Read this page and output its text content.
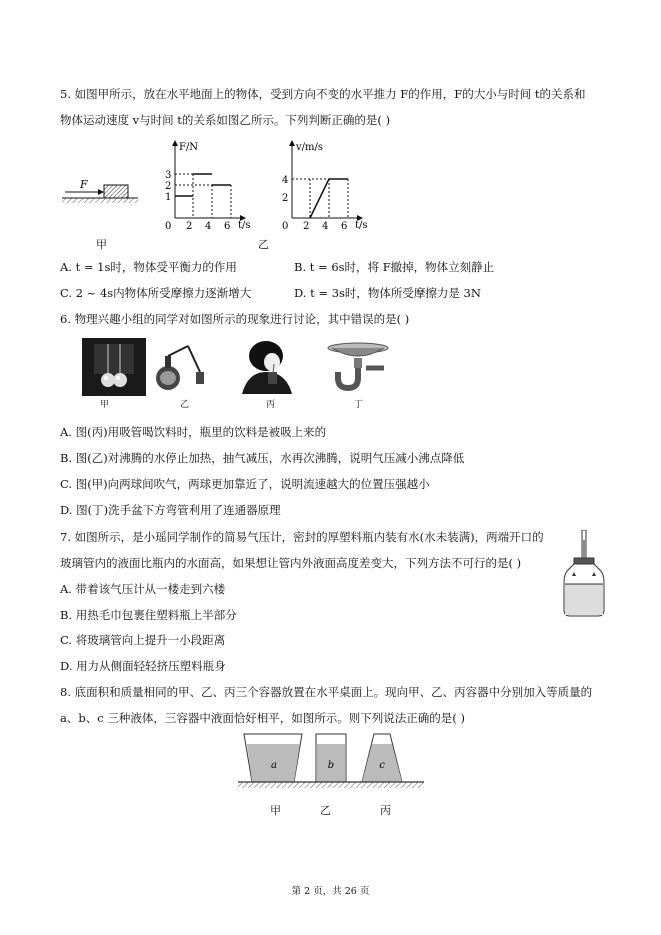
5. 如图甲所示，放在水平地面上的物体，受到方向不变的水平推力 F的作用，F的大小与时间 t的关系和
物体运动速度 v与时间 t的关系如图乙所示。下列判断正确的是( )
F
F/N
t/s
3
2
1
0 2 4 6
v/m/s
t/s
4
2
0 2 4 6
甲	乙
A. t = 1s时，物体受平衡力的作用	B. t = 6s时，将 F撤掉，物体立刻静止
C. 2 ~ 4s内物体所受摩擦力逐渐增大	D. t = 3s时，物体所受摩擦力是 3N
6. 物理兴趣小组的同学对如图所示的现象进行讨论，其中错误的是( )
甲	乙	丙	丁
A. 图(丙)用吸管喝饮料时，瓶里的饮料是被吸上来的
B. 图(乙)对沸腾的水停止加热，抽气减压，水再次沸腾，说明气压减小沸点降低
C. 图(甲)向两球间吹气，两球更加靠近了，说明流速越大的位置压强越小
D. 图(丁)洗手盆下方弯管利用了连通器原理
7. 如图所示，是小瑶同学制作的简易气压计，密封的厚塑料瓶内装有水(水未装满)，两端开口的
玻璃管内的液面比瓶内的水面高，如果想让管内外液面高度差变大，下列方法不可行的是( )
A. 带着该气压计从一楼走到六楼
B. 用热毛巾包裹住塑料瓶上半部分
C. 将玻璃管向上提升一小段距离
D. 用力从侧面轻轻挤压塑料瓶身
8. 底面积和质量相同的甲、乙、丙三个容器放置在水平桌面上。现向甲、乙、丙容器中分别加入等质量的
a、b、c 三种液体，三容器中液面恰好相平，如图所示。则下列说法正确的是( )
a	b	c
甲	乙	丙
第 2 页，共 26 页
